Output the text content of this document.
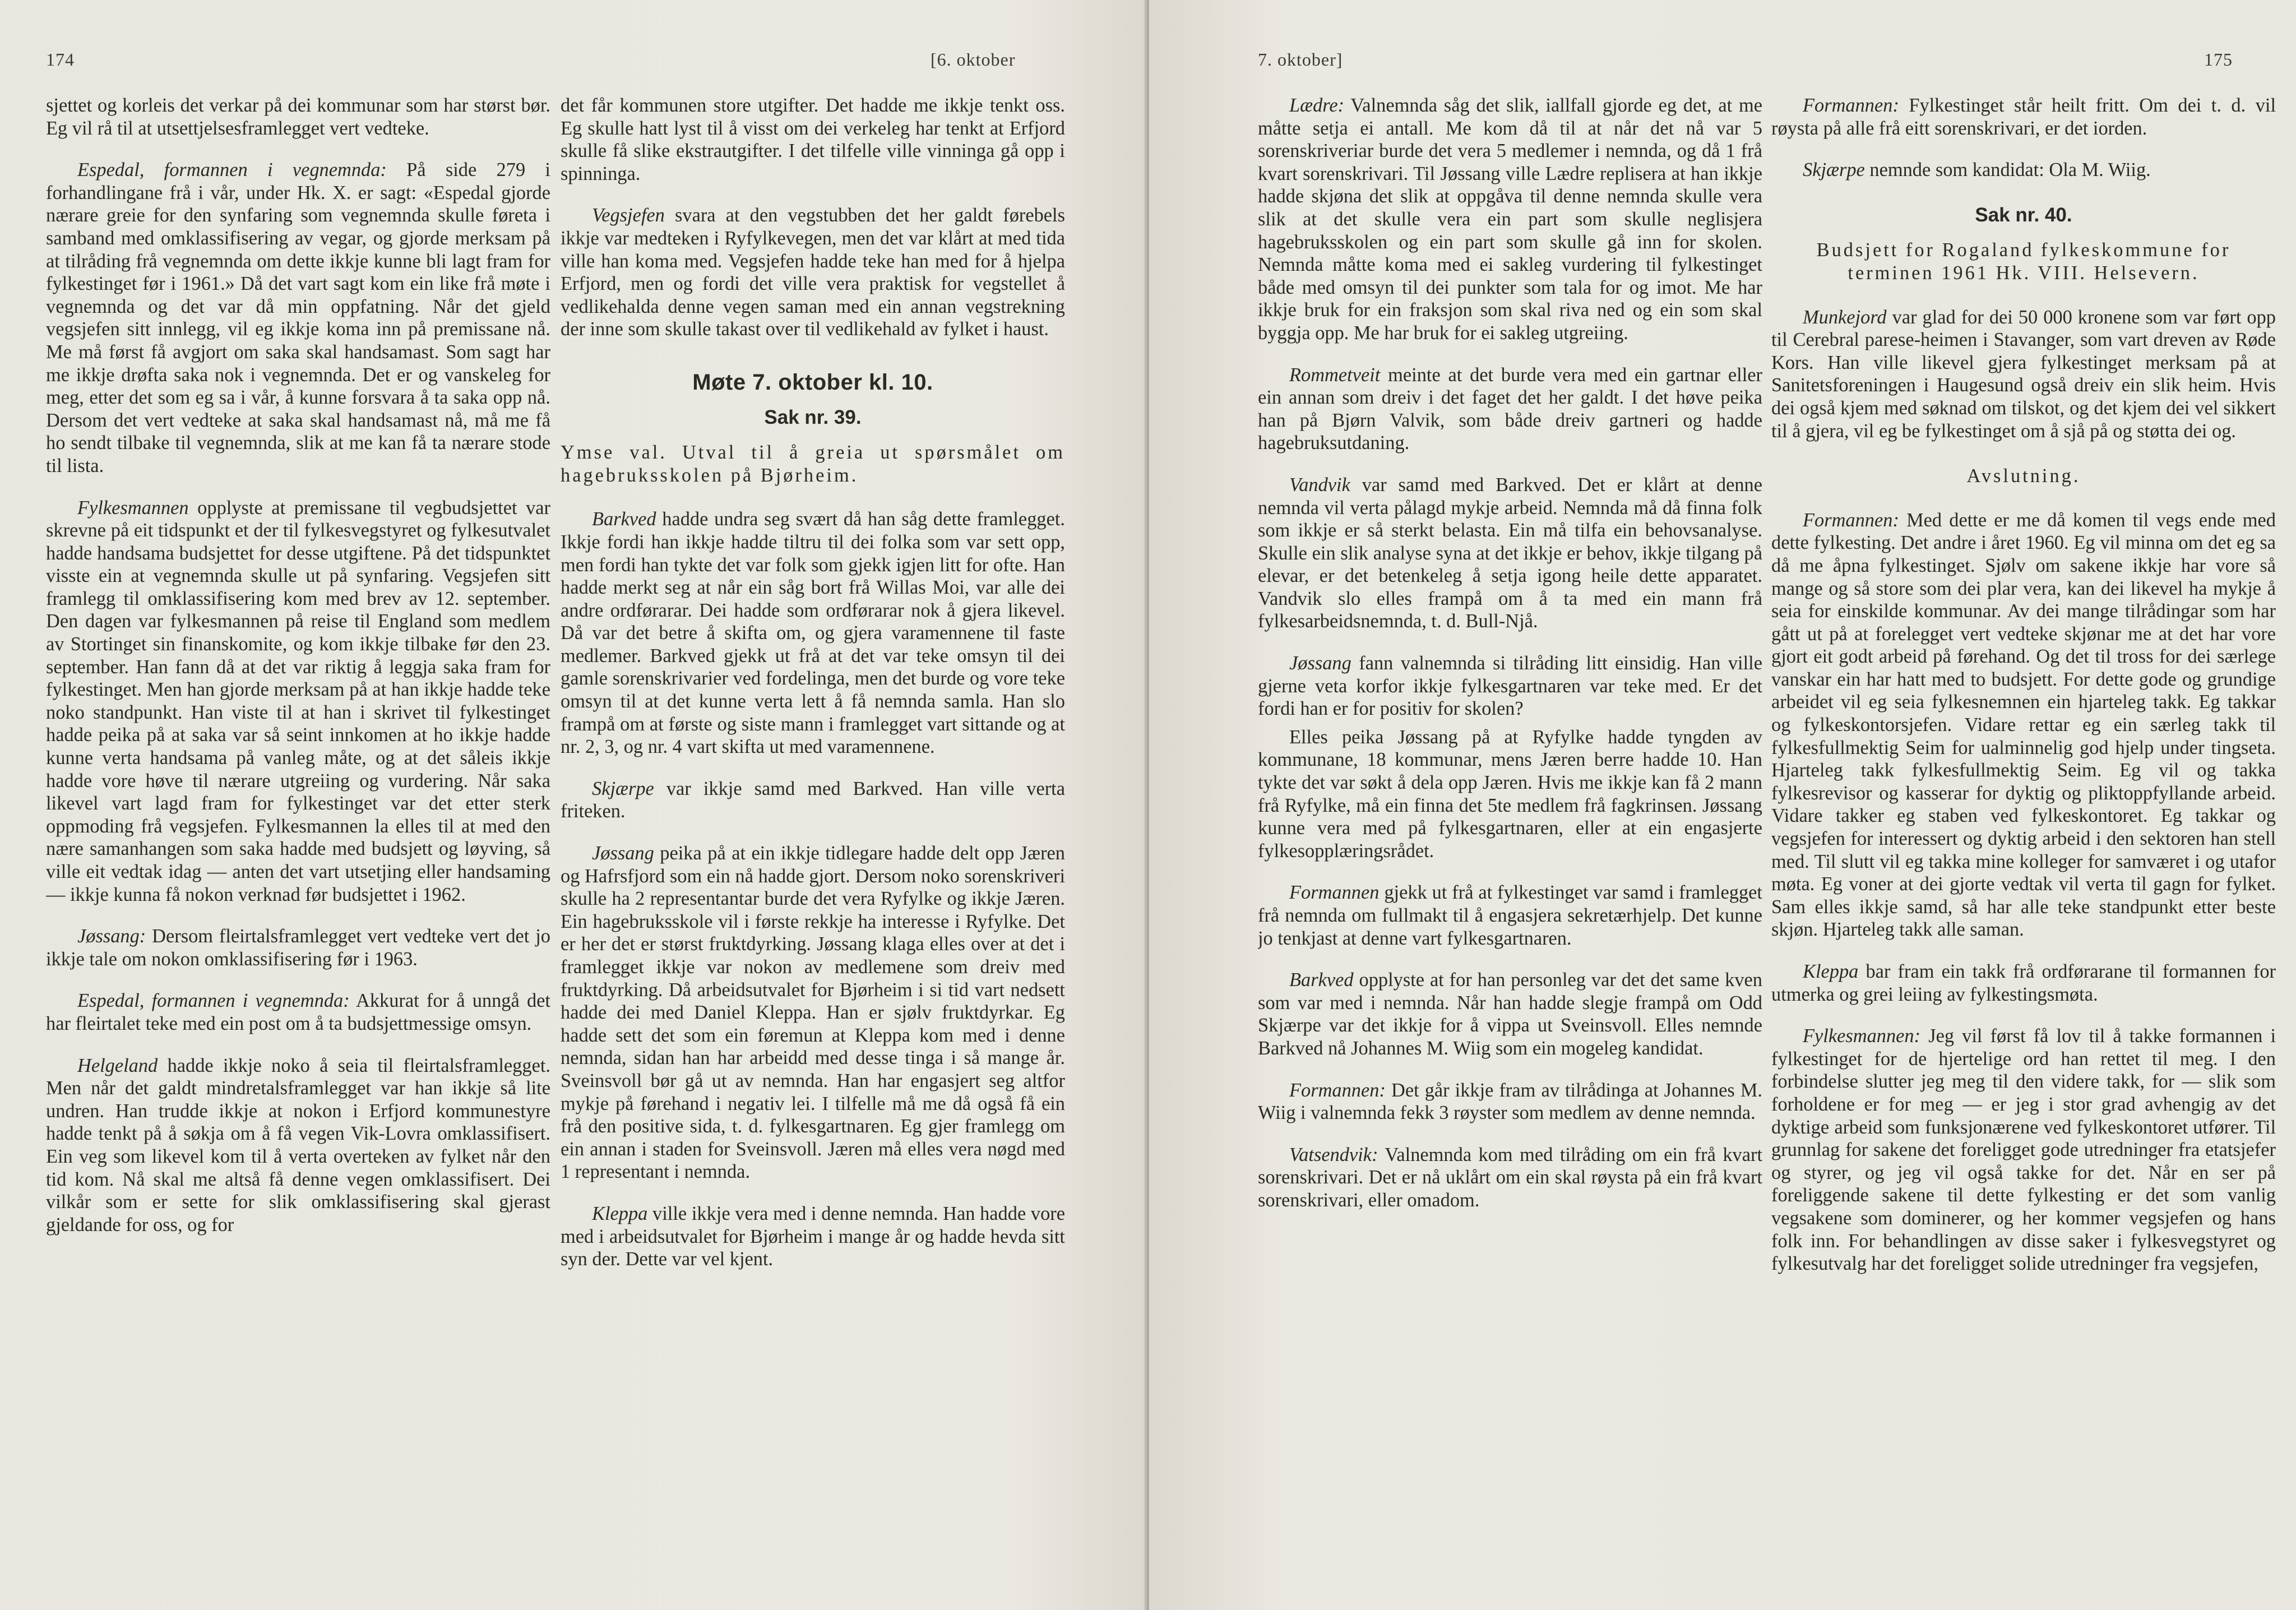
174	[6. oktober

sjettet og korleis det verkar på dei kommunar som har størst bør. Eg vil rå til at utsettjelsesframlegget vert vedteke.

Espedal, formannen i vegnemnda: På side 279 i forhandlingane frå i vår, under Hk. X. er sagt: «Espedal gjorde nærare greie for den synfaring som vegnemnda skulle føreta i samband med omklassifisering av vegar, og gjorde merksam på at tilråding frå vegnemnda om dette ikkje kunne bli lagt fram for fylkestinget før i 1961.» Då det vart sagt kom ein like frå møte i vegnemnda og det var då min oppfatning. Når det gjeld vegsjefen sitt innlegg, vil eg ikkje koma inn på premissane nå. Me må først få avgjort om saka skal handsamast. Som sagt har me ikkje drøfta saka nok i vegnemnda. Det er og vanskeleg for meg, etter det som eg sa i vår, å kunne forsvara å ta saka opp nå. Dersom det vert vedteke at saka skal handsamast nå, må me få ho sendt tilbake til vegnemnda, slik at me kan få ta nærare stode til lista.

Fylkesmannen opplyste at premissane til vegbudsjettet var skrevne på eit tidspunkt et der til fylkesvegstyret og fylkesutvalet hadde handsama budsjettet for desse utgiftene. På det tidspunktet visste ein at vegnemnda skulle ut på synfaring. Vegsjefen sitt framlegg til omklassifisering kom med brev av 12. september. Den dagen var fylkesmannen på reise til England som medlem av Stortinget sin finanskomite, og kom ikkje tilbake før den 23. september. Han fann då at det var riktig å leggja saka fram for fylkestinget. Men han gjorde merksam på at han ikkje hadde teke noko standpunkt. Han viste til at han i skrivet til fylkestinget hadde peika på at saka var så seint innkomen at ho ikkje hadde kunne verta handsama på vanleg måte, og at det såleis ikkje hadde vore høve til nærare utgreiing og vurdering. Når saka likevel vart lagd fram for fylkestinget var det etter sterk oppmoding frå vegsjefen. Fylkesmannen la elles til at med den nære samanhangen som saka hadde med budsjett og løyving, så ville eit vedtak idag — anten det vart utsetjing eller handsaming — ikkje kunna få nokon verknad før budsjettet i 1962.

Jøssang: Dersom fleirtalsframlegget vert vedteke vert det jo ikkje tale om nokon omklassifisering før i 1963.

Espedal, formannen i vegnemnda: Akkurat for å unngå det har fleirtalet teke med ein post om å ta budsjettmessige omsyn.

Helgeland hadde ikkje noko å seia til fleirtalsframlegget. Men når det galdt mindretalsframlegget var han ikkje så lite undren. Han trudde ikkje at nokon i Erfjord kommunestyre hadde tenkt på å søkja om å få vegen Vik-Lovra omklassifisert. Ein veg som likevel kom til å verta overteken av fylket når den tid kom. Nå skal me altså få denne vegen omklassifisert. Dei vilkår som er sette for slik omklassifisering skal gjerast gjeldande for oss, og for

det får kommunen store utgifter. Det hadde me ikkje tenkt oss. Eg skulle hatt lyst til å visst om dei verkeleg har tenkt at Erfjord skulle få slike ekstrautgifter. I det tilfelle ville vinninga gå opp i spinninga.

Vegsjefen svara at den vegstubben det her galdt førebels ikkje var medteken i Ryfylkevegen, men det var klårt at med tida ville han koma med. Vegsjefen hadde teke han med for å hjelpa Erfjord, men og fordi det ville vera praktisk for vegstellet å vedlikehalda denne vegen saman med ein annan vegstrekning der inne som skulle takast over til vedlikehald av fylket i haust.

Møte 7. oktober kl. 10.
Sak nr. 39.

Ymse val. Utval til å greia ut spørsmålet om hagebruksskolen på Bjørheim.

Barkved hadde undra seg svært då han såg dette framlegget. Ikkje fordi han ikkje hadde tiltru til dei folka som var sett opp, men fordi han tykte det var folk som gjekk igjen litt for ofte. Han hadde merkt seg at når ein såg bort frå Willas Moi, var alle dei andre ordførarar. Dei hadde som ordførarar nok å gjera likevel. Då var det betre å skifta om, og gjera varamennene til faste medlemer. Barkved gjekk ut frå at det var teke omsyn til dei gamle sorenskrivarier ved fordelinga, men det burde og vore teke omsyn til at det kunne verta lett å få nemnda samla. Han slo frampå om at første og siste mann i framlegget vart sittande og at nr. 2, 3, og nr. 4 vart skifta ut med varamennene.

Skjærpe var ikkje samd med Barkved. Han ville verta friteken.

Jøssang peika på at ein ikkje tidlegare hadde delt opp Jæren og Hafrsfjord som ein nå hadde gjort. Dersom noko sorenskriveri skulle ha 2 representantar burde det vera Ryfylke og ikkje Jæren. Ein hagebruksskole vil i første rekkje ha interesse i Ryfylke. Det er her det er størst fruktdyrking. Jøssang klaga elles over at det i framlegget ikkje var nokon av medlemene som dreiv med fruktdyrking. Då arbeidsutvalet for Bjørheim i si tid vart nedsett hadde dei med Daniel Kleppa. Han er sjølv fruktdyrkar. Eg hadde sett det som ein føremun at Kleppa kom med i denne nemnda, sidan han har arbeidd med desse tinga i så mange år. Sveinsvoll bør gå ut av nemnda. Han har engasjert seg altfor mykje på førehand i negativ lei. I tilfelle må me då også få ein frå den positive sida, t. d. fylkesgartnaren. Eg gjer framlegg om ein annan i staden for Sveinsvoll. Jæren må elles vera nøgd med 1 representant i nemnda.

Kleppa ville ikkje vera med i denne nemnda. Han hadde vore med i arbeidsutvalet for Bjørheim i mange år og hadde hevda sitt syn der. Dette var vel kjent.

7. oktober]	175

Lædre: Valnemnda såg det slik, iallfall gjorde eg det, at me måtte setja ei antall. Me kom då til at når det nå var 5 sorenskriveriar burde det vera 5 medlemer i nemnda, og då 1 frå kvart sorenskrivari. Til Jøssang ville Lædre replisera at han ikkje hadde skjøna det slik at oppgåva til denne nemnda skulle vera slik at det skulle vera ein part som skulle neglisjera hagebruksskolen og ein part som skulle gå inn for skolen. Nemnda måtte koma med ei sakleg vurdering til fylkestinget både med omsyn til dei punkter som tala for og imot. Me har ikkje bruk for ein fraksjon som skal riva ned og ein som skal byggja opp. Me har bruk for ei sakleg utgreiing.

Rommetveit meinte at det burde vera med ein gartnar eller ein annan som dreiv i det faget det her galdt. I det høve peika han på Bjørn Valvik, som både dreiv gartneri og hadde hagebruksutdaning.

Vandvik var samd med Barkved. Det er klårt at denne nemnda vil verta pålagd mykje arbeid. Nemnda må då finna folk som ikkje er så sterkt belasta. Ein må tilfa ein behovsanalyse. Skulle ein slik analyse syna at det ikkje er behov, ikkje tilgang på elevar, er det betenkeleg å setja igong heile dette apparatet. Vandvik slo elles frampå om å ta med ein mann frå fylkesarbeidsnemnda, t. d. Bull-Njå.

Jøssang fann valnemnda si tilråding litt einsidig. Han ville gjerne veta korfor ikkje fylkesgartnaren var teke med. Er det fordi han er for positiv for skolen?

Elles peika Jøssang på at Ryfylke hadde tyngden av kommunane, 18 kommunar, mens Jæren berre hadde 10. Han tykte det var søkt å dela opp Jæren. Hvis me ikkje kan få 2 mann frå Ryfylke, må ein finna det 5te medlem frå fagkrinsen. Jøssang kunne vera med på fylkesgartnaren, eller at ein engasjerte fylkesopplæringsrådet.

Formannen gjekk ut frå at fylkestinget var samd i framlegget frå nemnda om fullmakt til å engasjera sekretærhjelp. Det kunne jo tenkjast at denne vart fylkesgartnaren.

Barkved opplyste at for han personleg var det det same kven som var med i nemnda. Når han hadde slegje frampå om Odd Skjærpe var det ikkje for å vippa ut Sveinsvoll. Elles nemnde Barkved nå Johannes M. Wiig som ein mogeleg kandidat.

Formannen: Det går ikkje fram av tilrådinga at Johannes M. Wiig i valnemnda fekk 3 røyster som medlem av denne nemnda.

Vatsendvik: Valnemnda kom med tilråding om ein frå kvart sorenskrivari. Det er nå uklårt om ein skal røysta på ein frå kvart sorenskrivari, eller omadom.

Formannen: Fylkestinget står heilt fritt. Om dei t. d. vil røysta på alle frå eitt sorenskrivari, er det iorden.

Skjærpe nemnde som kandidat: Ola M. Wiig.

Sak nr. 40.

Budsjett for Rogaland fylkeskommune for terminen 1961 Hk. VIII. Helsevern.

Munkejord var glad for dei 50 000 kronene som var ført opp til Cerebral parese-heimen i Stavanger, som vart dreven av Røde Kors. Han ville likevel gjera fylkestinget merksam på at Sanitetsforeningen i Haugesund også dreiv ein slik heim. Hvis dei også kjem med søknad om tilskot, og det kjem dei vel sikkert til å gjera, vil eg be fylkestinget om å sjå på og støtta dei og.

Avslutning.

Formannen: Med dette er me då komen til vegs ende med dette fylkesting. Det andre i året 1960. Eg vil minna om det eg sa då me åpna fylkestinget. Sjølv om sakene ikkje har vore så mange og så store som dei plar vera, kan dei likevel ha mykje å seia for einskilde kommunar. Av dei mange tilrådingar som har gått ut på at forelegget vert vedteke skjønar me at det har vore gjort eit godt arbeid på førehand. Og det til tross for dei særlege vanskar ein har hatt med to budsjett. For dette gode og grundige arbeidet vil eg seia fylkesnemnen ein hjarteleg takk. Eg takkar og fylkeskontorsjefen. Vidare rettar eg ein særleg takk til fylkesfullmektig Seim for ualminnelig god hjelp under tingseta. Hjarteleg takk fylkesfullmektig Seim. Eg vil og takka fylkesrevisor og kasserar for dyktig og pliktoppfyllande arbeid. Vidare takker eg staben ved fylkeskontoret. Eg takkar og vegsjefen for interessert og dyktig arbeid i den sektoren han stell med. Til slutt vil eg takka mine kolleger for samværet i og utafor møta. Eg voner at dei gjorte vedtak vil verta til gagn for fylket. Sam elles ikkje samd, så har alle teke standpunkt etter beste skjøn. Hjarteleg takk alle saman.

Kleppa bar fram ein takk frå ordføraranе til formannen for utmerka og grei leiing av fylkestingsmøta.

Fylkesmannen: Jeg vil først få lov til å takke formannen i fylkestinget for de hjertelige ord han rettet til meg. I den forbindelse slutter jeg meg til den videre takk, for — slik som forholdene er for meg — er jeg i stor grad avhengig av det dyktige arbeid som funksjonærene ved fylkeskontoret utfører. Til grunnlag for sakene det foreligget gode utredninger fra etatsjefer og styrer, og jeg vil også takke for det. Når en ser på foreliggende sakene til dette fylkesting er det som vanlig vegsakene som dominerer, og her kommer vegsjefen og hans folk inn. For behandlingen av disse saker i fylkesvegstyret og fylkesutvalg har det foreligget solide utredninger fra vegsjefen,
